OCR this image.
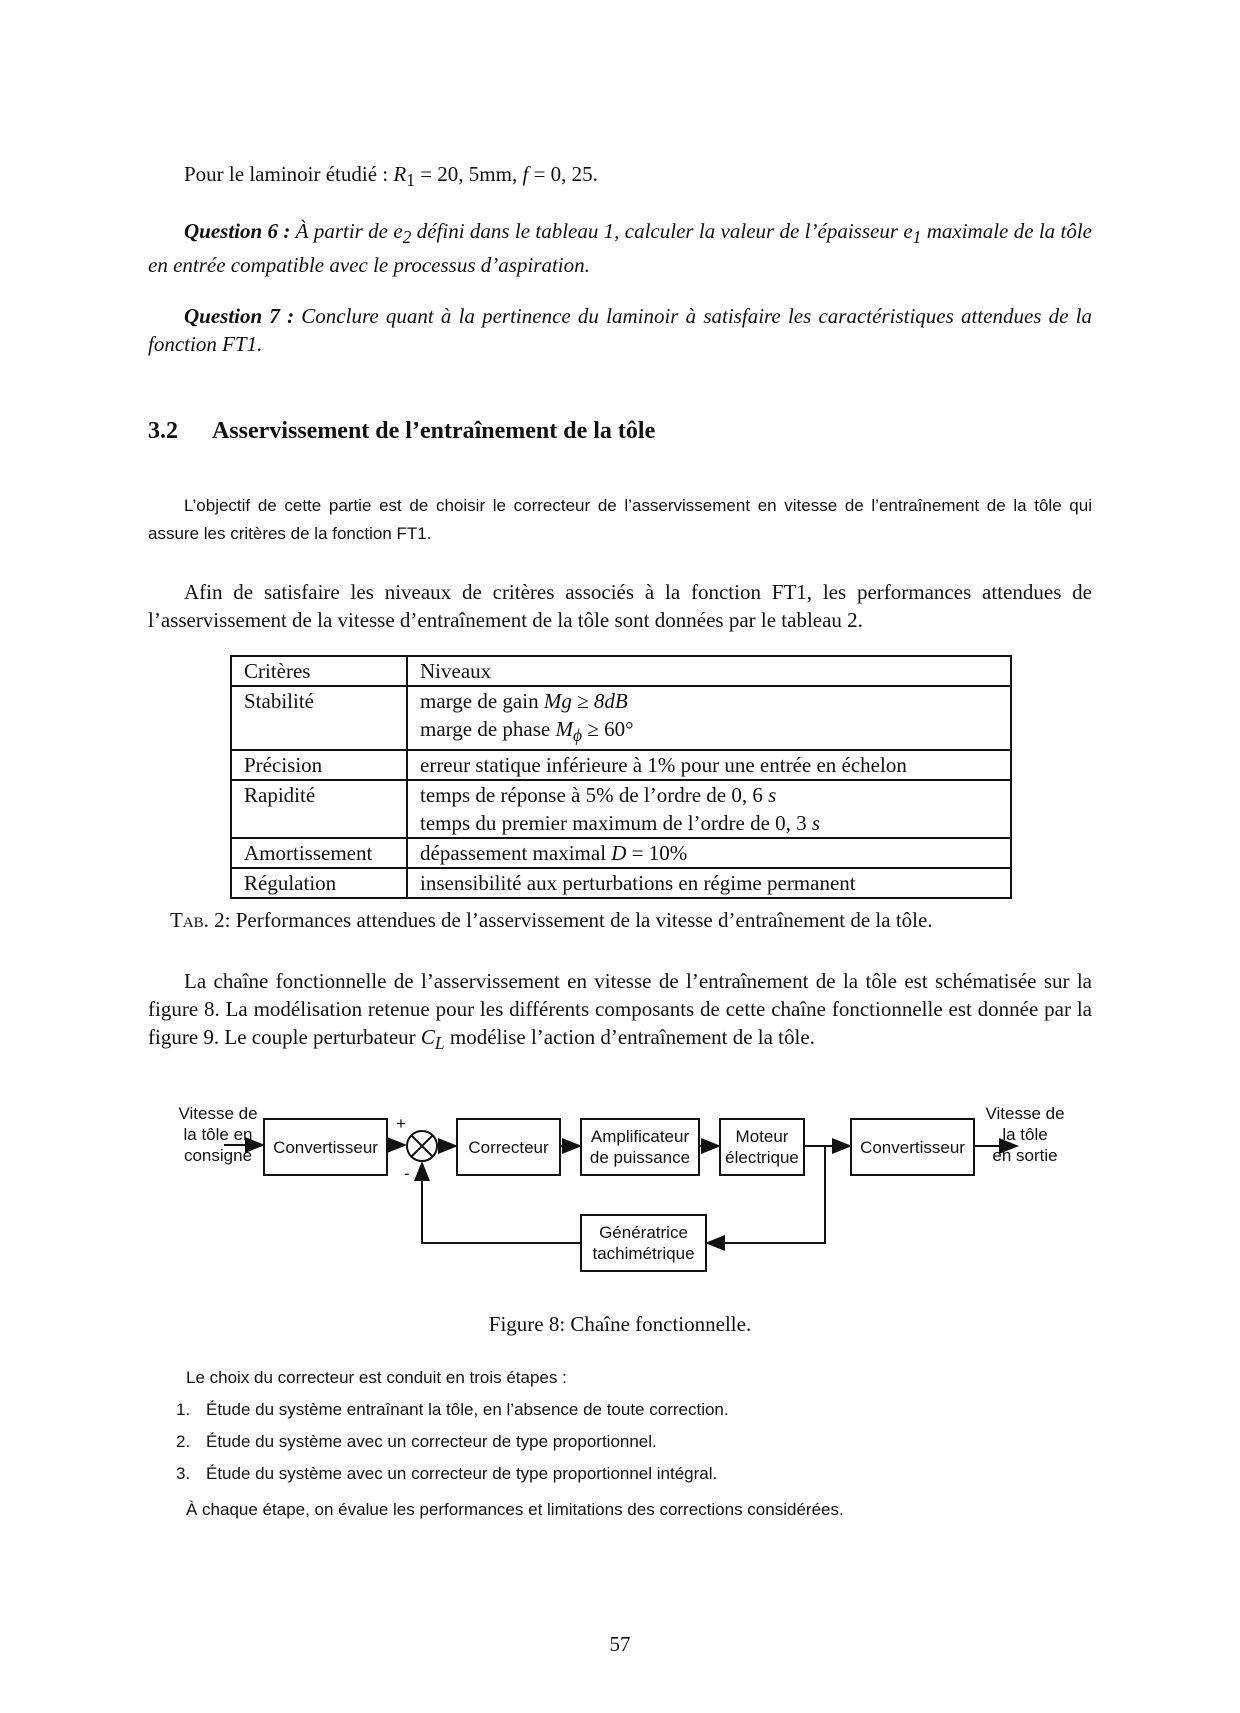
Pour le laminoir étudié : $R_1 = 20$, 5mm, f = 0, 25.
Question 6 : À partir de $e_2$ défini dans le tableau 1, calculer la valeur de l’épaisseur $e_1$ maximale de la tôle en entrée compatible avec le processus d’aspiration.
Question 7 : Conclure quant à la pertinence du laminoir à satisfaire les caractéristiques attendues de la fonction FT1.
3.2 Asservissement de l’entraînement de la tôle
L’objectif de cette partie est de choisir le correcteur de l’asservissement en vitesse de l’entraînement de la tôle qui assure les critères de la fonction FT1.
Afin de satisfaire les niveaux de critères associés à la fonction FT1, les performances attendues de l’asservissement de la vitesse d’entraînement de la tôle sont données par le tableau 2.
Critères	Niveaux
Stabilité	marge de gain Mg ≥ 8dB
marge de phase $M_\phi \ge 60^\circ$

Précision	erreur statique inférieure à 1% pour une entrée en échelon
Rapidité	temps de réponse à 5% de l’ordre de 0, 6 s
temps du premier maximum de l’ordre de 0, 3 s

Amortissement	dépassement maximal D = 10%
Régulation	insensibilité aux perturbations en régime permanent
Tab. 2: Performances attendues de l’asservissement de la vitesse d’entraînement de la tôle.
La chaîne fonctionnelle de l’asservissement en vitesse de l’entraînement de la tôle est schématisée sur la figure 8. La modélisation retenue pour les différents composants de cette chaîne fonctionnelle est donnée par la figure 9. Le couple perturbateur $C_L$ modélise l’action d’entraînement de la tôle.
Vitesse de
la tôle en
consigne	Convertisseur
+
-
Correcteur
Amplificateur
de puissance
Moteur
électrique
Convertisseur
Vitesse de
la tôle
en sortie
Génératrice
tachimétrique
Figure 8: Chaîne fonctionnelle.
Le choix du correcteur est conduit en trois étapes :
1. Étude du système entraînant la tôle, en l’absence de toute correction.
2. Étude du système avec un correcteur de type proportionnel.
3. Étude du système avec un correcteur de type proportionnel intégral.
À chaque étape, on évalue les performances et limitations des corrections considérées.
57
